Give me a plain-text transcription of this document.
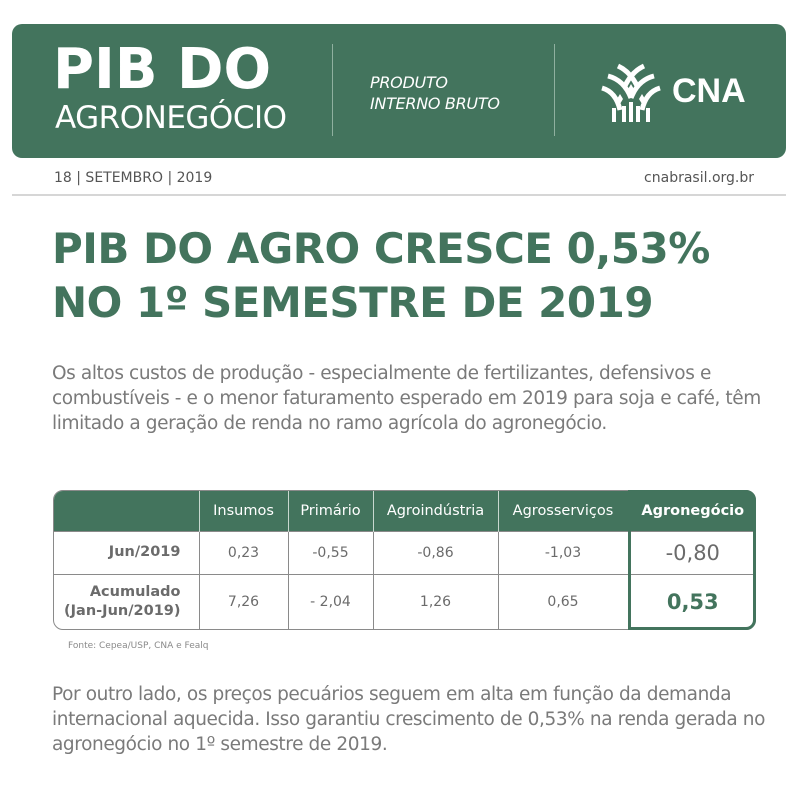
PIB DO
AGRONEGÓCIO
PRODUTO
INTERNO BRUTO	CNA
18 | SETEMBRO | 2019	cnabrasil.org.br
PIB DO AGRO CRESCE 0,53%
NO 1º SEMESTRE DE 2019

Os altos custos de produção - especialmente de fertilizantes, defensivos e combustíveis - e o menor faturamento esperado em 2019 para soja e café, têm limitado a geração de renda no ramo agrícola do agronegócio.

	Insumos	Primário	Agroindústria	Agrosserviços	Agronegócio
Jun/2019	0,23	-0,55	-0,86	-1,03	-0,80

Acumulado
(Jan-Jun/2019)	7,26	- 2,04	1,26	0,65	0,53
Fonte: Cepea/USP, CNA e Fealq

Por outro lado, os preços pecuários seguem em alta em função da demanda internacional aquecida. Isso garantiu crescimento de 0,53% na renda gerada no agronegócio no 1º semestre de 2019.
